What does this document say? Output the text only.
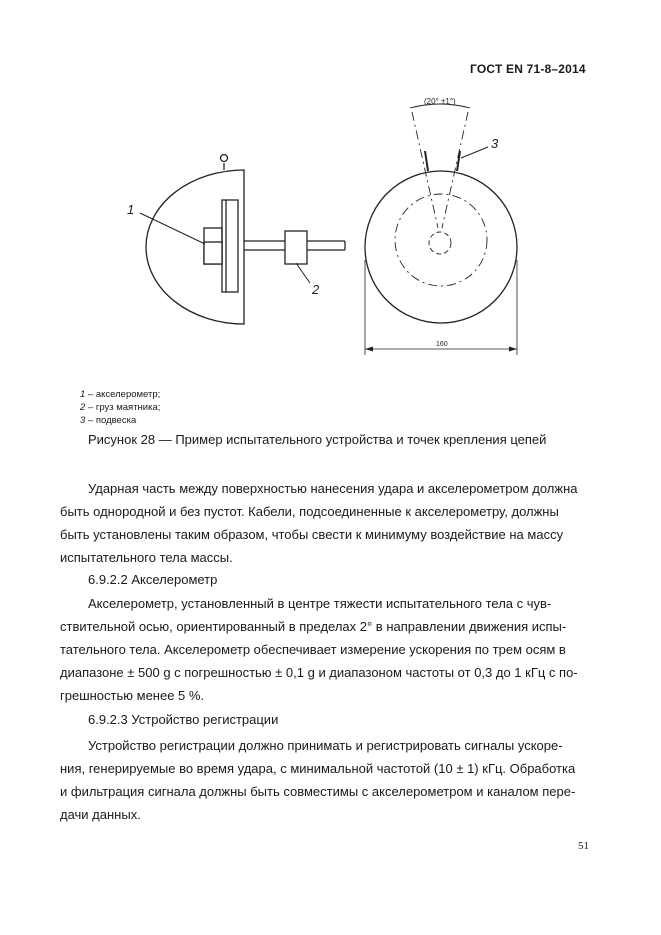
ГОСТ EN 71-8–2014
1
2
3
(20° ±1°)
160
1 – акселерометр;
2 – груз маятника;
3 – подвеска
Рисунок 28 — Пример испытательного устройства и точек крепления цепей
Ударная часть между поверхностью нанесения удара и акселерометром должна
быть однородной и без пустот. Кабели, подсоединенные к акселерометру, должны
быть установлены таким образом, чтобы свести к минимуму воздействие на массу
испытательного тела массы.
6.9.2.2 Акселерометр
Акселерометр, установленный в центре тяжести испытательного тела с чув-
ствительной осью, ориентированный в пределах 2° в направлении движения испы-
тательного тела. Акселерометр обеспечивает измерение ускорения по трем осям в
диапазоне ± 500 g с погрешностью ± 0,1 g и диапазоном частоты от 0,3 до 1 кГц с по-
грешностью менее 5 %.
6.9.2.3 Устройство регистрации
Устройство регистрации должно принимать и регистрировать сигналы ускоре-
ния, генерируемые во время удара, с минимальной частотой (10 ± 1) кГц. Обработка
и фильтрация сигнала должны быть совместимы с акселерометром и каналом пере-
дачи данных.
51
